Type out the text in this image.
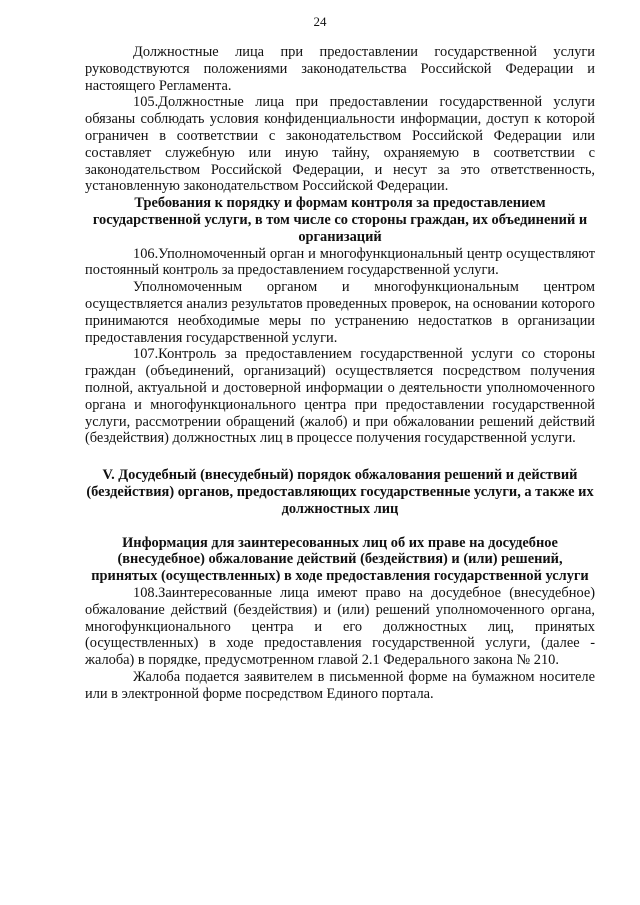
24

Должностные лица при предоставлении государственной услуги руководствуются положениями законодательства Российской Федерации и настоящего Регламента.

105.Должностные лица при предоставлении государственной услуги обязаны соблюдать условия конфиденциальности информации, доступ к которой ограничен в соответствии с законодательством Российской Федерации или составляет служебную или иную тайну, охраняемую в соответствии с законодательством Российской Федерации, и несут за это ответственность, установленную законодательством Российской Федерации.

Требования к порядку и формам контроля за предоставлением государственной услуги, в том числе со стороны граждан, их объединений и организаций

106.Уполномоченный орган и многофункциональный центр осуществляют постоянный контроль за предоставлением государственной услуги.

Уполномоченным органом и многофункциональным центром осуществляется анализ результатов проведенных проверок, на основании которого принимаются необходимые меры по устранению недостатков в организации предоставления государственной услуги.

107.Контроль за предоставлением государственной услуги со стороны граждан (объединений, организаций) осуществляется посредством получения полной, актуальной и достоверной информации о деятельности уполномоченного органа и многофункционального центра при предоставлении государственной услуги, рассмотрении обращений (жалоб) и при обжаловании решений действий (бездействия) должностных лиц в процессе получения государственной услуги.

V. Досудебный (внесудебный) порядок обжалования решений и действий (бездействия) органов, предоставляющих государственные услуги, а также их должностных лиц
Информация для заинтересованных лиц об их праве на досудебное (внесудебное) обжалование действий (бездействия) и (или) решений, принятых (осуществленных) в ходе предоставления государственной услуги

108.Заинтересованные лица имеют право на досудебное (внесудебное) обжалование действий (бездействия) и (или) решений уполномоченного органа, многофункционального центра и его должностных лиц, принятых (осуществленных) в ходе предоставления государственной услуги, (далее - жалоба) в порядке, предусмотренном главой 2.1 Федерального закона № 210.

Жалоба подается заявителем в письменной форме на бумажном носителе или в электронной форме посредством Единого портала.
